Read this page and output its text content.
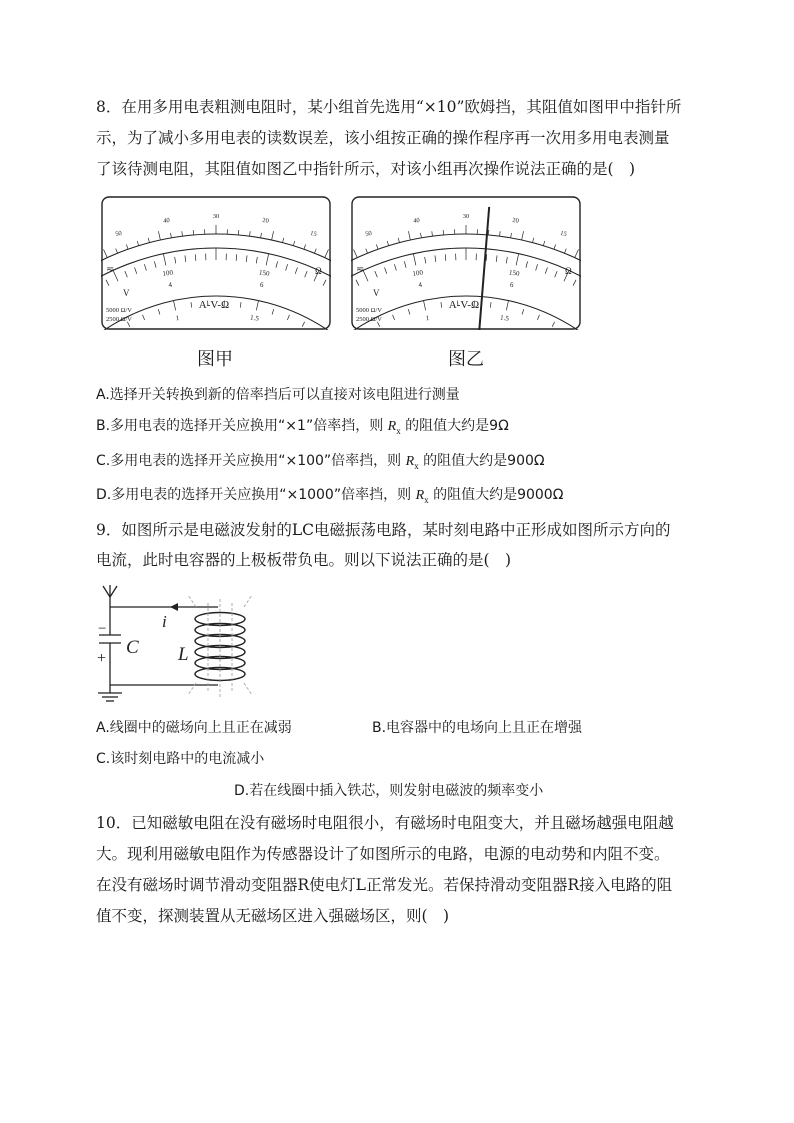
8．在用多用电表粗测电阻时，某小组首先选用“×10”欧姆挡，其阻值如图甲中指针所
示，为了减小多用电表的读数误差，该小组按正确的操作程序再一次用多用电表测量
了该待测电阻，其阻值如图乙中指针所示，对该小组再次操作说法正确的是(　)
50
40
30
20
15
100	150
4	6
1	1.5
A-V-Ω
5000 Ω/V
2500 Ω/V
Ω
≂
V
50
40
30
20
15
100	150
4	6
1	1.5
A-V-Ω
5000 Ω/V
2500 Ω/V
Ω
≂
V
图甲	图乙
A.选择开关转换到新的倍率挡后可以直接对该电阻进行测量
B.多用电表的选择开关应换用“×1”倍率挡，则 $R_x$ 的阻值大约是9Ω
C.多用电表的选择开关应换用“×100”倍率挡，则 $R_x$ 的阻值大约是900Ω
D.多用电表的选择开关应换用“×1000”倍率挡，则 $R_x$ 的阻值大约是9000Ω
9．如图所示是电磁波发射的LC电磁振荡电路，某时刻电路中正形成如图所示方向的
电流，此时电容器的上极板带负电。则以下说法正确的是(　)
i
C L
−
+
A.线圈中的磁场向上且正在减弱	B.电容器中的电场向上且正在增强
C.该时刻电路中的电流减小
D.若在线圈中插入铁芯，则发射电磁波的频率变小
10．已知磁敏电阻在没有磁场时电阻很小，有磁场时电阻变大，并且磁场越强电阻越
大。现利用磁敏电阻作为传感器设计了如图所示的电路，电源的电动势和内阻不变。
在没有磁场时调节滑动变阻器R使电灯L正常发光。若保持滑动变阻器R接入电路的阻
值不变，探测装置从无磁场区进入强磁场区，则(　)
